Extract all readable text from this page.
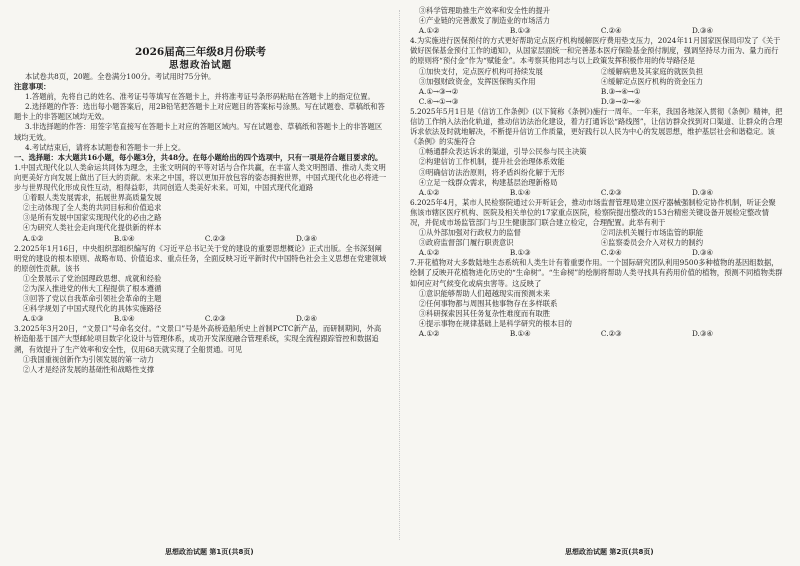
2026届高三年级8月份联考

思想政治试题

本试卷共8页，20题。全卷满分100分。考试用时75分钟。

注意事项：

1.答题前，先将自己的姓名、准考证号等填写在答题卡上，并将准考证号条形码粘贴在答题卡上的指定位置。

2.选择题的作答：选出每小题答案后，用2B铅笔把答题卡上对应题目的答案标号涂黑。写在试题卷、草稿纸和答题卡上的非答题区域均无效。

3.非选择题的作答：用签字笔直接写在答题卡上对应的答题区域内。写在试题卷、草稿纸和答题卡上的非答题区域均无效。

4.考试结束后，请将本试题卷和答题卡一并上交。

一、选择题：本大题共16小题，每小题3分，共48分。在每小题给出的四个选项中，只有一项是符合题目要求的。

1.中国式现代化以人类命运共同体为理念，主张文明间的平等对话与合作共赢，在丰富人类文明图谱、推动人类文明向更美好方向发展上做出了巨大的贡献。未来之中国，将以更加开放包容的姿态拥抱世界，中国式现代化也必将进一步与世界现代化形成良性互动，相得益彰，共同创造人类美好未来。可知，中国式现代化道路

①着眼人类发展需求，拓展世界高质量发展

②主动体现了全人类的共同目标和价值追求

③是所有发展中国家实现现代化的必由之路

④为研究人类社会走向现代化提供新的样本

A.①②	B.①④	C.②③	D.③④

2.2025年1月16日，中央组织部组织编写的《习近平总书记关于党的建设的重要思想概论》正式出版。全书深刻阐明党的建设的根本原则、战略布局、价值追求、重点任务，全面反映习近平新时代中国特色社会主义思想在党建领域的原创性贡献。该书

①全景展示了党治国理政思想、成就和经验

②为深入推进党的伟大工程提供了根本遵循

③回答了党以自我革命引领社会革命的主题

④科学规划了中国式现代化的具体实施路径

A.①③	B.①④	C.②③	D.②④

3.2025年3月20日，“文景口”号命名交付。“文景口”号是外高桥造船所史上首制PCTC新产品，而研制期间，外高桥造船基于国产大型邮轮项目数字化设计与管理体系，成功开发深度融合管理系统，实现全流程跟踪管控和数据追溯，有效提升了生产效率和安全性，仅用68天就实现了全船贯通。可见

①我国重视创新作为引领发展的第一动力

②人才是经济发展的基础性和战略性支撑

③科学管理助推生产效率和安全性的提升

④产业链的完善激发了制造业的市场活力

A.①②	B.①③	C.②④	D.③④

4.为实施进行医保预付的方式更好帮助定点医疗机构缓解医疗费用垫支压力，2024年11月国家医保局印发了《关于做好医保基金预付工作的通知》，从国家层面统一和完善基本医疗保险基金预付制度，强调坚持尽力而为、量力而行的原则将“预付金”作为“赋能金”。本考察其他同志与以上政策发挥积极作用的传导路径是

①加快支付，定点医疗机构可持续发展	②缓解病患及其家庭的就医负担
③加强财政资金，发挥医保购买作用	④缓解定点医疗机构的资金压力
A.①→③→②	B.③→④→①
C.④→①→③	D.③→②→④

5.2025年5月1日是《信访工作条例》(以下简称《条例》)施行一周年。一年来，我国各地深入贯彻《条例》精神，把信访工作纳入法治化轨道，推动信访法治化建设，着力打通诉讼“路线图”，让信访群众找到对口渠道、让群众的合理诉求依法及时就地解决，不断提升信访工作质量，更好践行以人民为中心的发展思想，维护基层社会和谐稳定。该《条例》的实施符合

①畅通群众表达诉求的渠道，引导公民参与民主决策

②构建信访工作机制，提升社会治理体系效能

③明确信访法治原则，将矛盾纠纷化解于无形

④立足一线群众需求，构建基层治理新格局

A.①②	B.①④	C.②③	D.③④

6.2025年4月，某市人民检察院通过公开听证会，推动市场监督管理局建立医疗器械强制检定协作机制，听证会聚焦该市辖区医疗机构、医院及相关单位的17家重点医院，检察院提出整改的153台精密关键设备开展检定整改情况，并促成市场监管部门与卫生健康部门联合建立检定，合理配置。此举有利于

①从外部加强对行政权力的监督	②司法机关履行市场监管的职能
③政府监督部门履行职责意识	④监察委员会介入对权力的制约
A.①②	B.①③	C.②④	D.③④

7.开花植物对大多数陆地生态系统和人类生计有着重要作用。一个国际研究团队利用9500多种植物的基因组数据，绘制了反映开花植物进化历史的“生命树”。“生命树”的绘制将帮助人类寻找具有药用价值的植物，预测不同植物类群如何应对气候变化或病虫害等。这反映了

①意识能够帮助人们超越现实而预测未来

②任何事物都与周围其他事物存在多样联系

③科研探索因其任务复杂性难度而有取胜

④提示事物在规律基础上是科学研究的根本目的

A.①②	B.①④	C.②③	D.③④
思想政治试题 第1页(共8页)	思想政治试题 第2页(共8页)
